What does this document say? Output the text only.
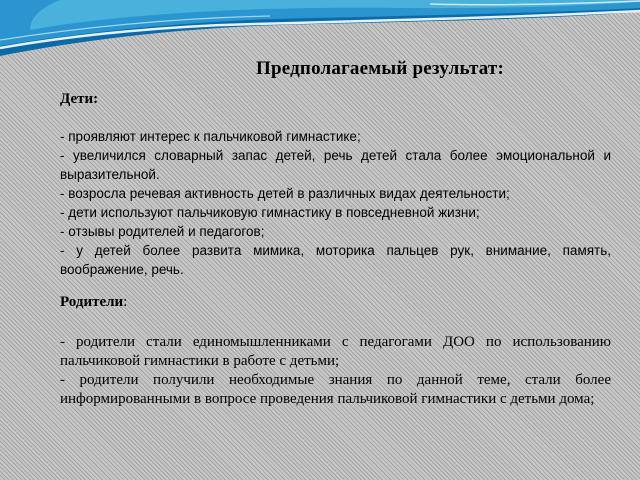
Предполагаемый результат:
Дети:
- проявляют интерес к пальчиковой гимнастике;
- увеличился словарный запас детей, речь детей стала более эмоциональной и выразительной.
- возросла речевая активность детей в различных видах деятельности;
- дети используют пальчиковую гимнастику в повседневной жизни;
- отзывы родителей и педагогов;
- у детей более развита мимика, моторика пальцев рук, внимание, память, воображение, речь.
Родители:
- родители стали единомышленниками с педагогами ДОО по использованию пальчиковой гимнастики в работе с детьми;
- родители получили необходимые знания по данной теме, стали более информированными в вопросе проведения пальчиковой гимнастики с детьми дома;
